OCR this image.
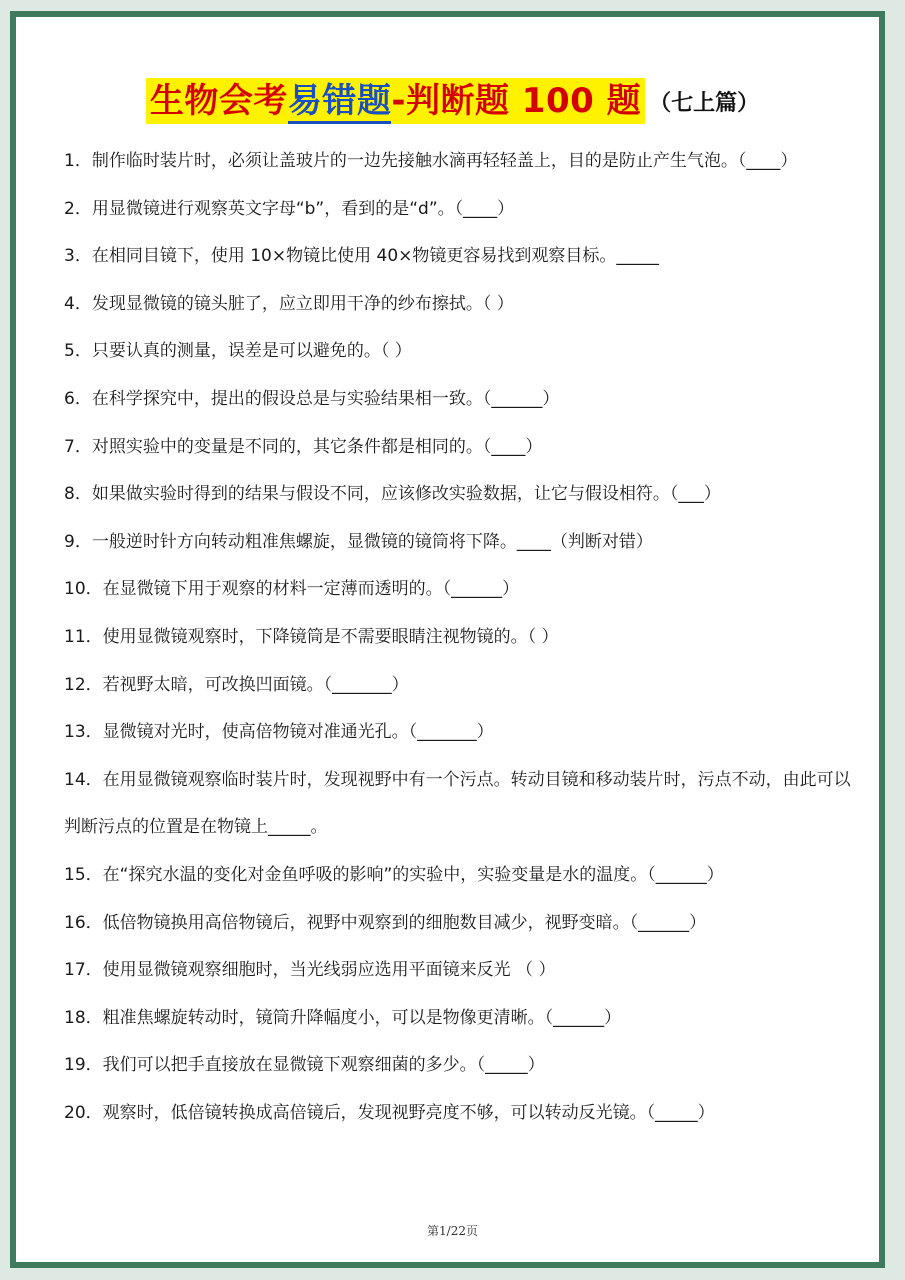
生物会考易错题-判断题 100 题 （七上篇）
1．制作临时装片时，必须让盖玻片的一边先接触水滴再轻轻盖上，目的是防止产生气泡。（____）
2．用显微镜进行观察英文字母“b”，看到的是“d”。（____）
3．在相同目镜下，使用 10×物镜比使用 40×物镜更容易找到观察目标。_____
4．发现显微镜的镜头脏了，应立即用干净的纱布擦拭。（ ）
5．只要认真的测量，误差是可以避免的。（ ）
6．在科学探究中，提出的假设总是与实验结果相一致。（______）
7．对照实验中的变量是不同的，其它条件都是相同的。（____）
8．如果做实验时得到的结果与假设不同，应该修改实验数据，让它与假设相符。（___）
9．一般逆时针方向转动粗准焦螺旋，显微镜的镜筒将下降。____（判断对错）
10．在显微镜下用于观察的材料一定薄而透明的。（______）
11．使用显微镜观察时，下降镜筒是不需要眼睛注视物镜的。（ ）
12．若视野太暗，可改换凹面镜。（_______）
13．显微镜对光时，使高倍物镜对准通光孔。（_______）
14．在用显微镜观察临时装片时，发现视野中有一个污点。转动目镜和移动装片时，污点不动，由此可以判断污点的位置是在物镜上_____。
15．在“探究水温的变化对金鱼呼吸的影响”的实验中，实验变量是水的温度。（______）
16．低倍物镜换用高倍物镜后，视野中观察到的细胞数目减少，视野变暗。（______）
17．使用显微镜观察细胞时，当光线弱应选用平面镜来反光 （ ）
18．粗准焦螺旋转动时，镜筒升降幅度小，可以是物像更清晰。（______）
19．我们可以把手直接放在显微镜下观察细菌的多少。（_____）
20．观察时，低倍镜转换成高倍镜后，发现视野亮度不够，可以转动反光镜。（_____）
第1/22页
